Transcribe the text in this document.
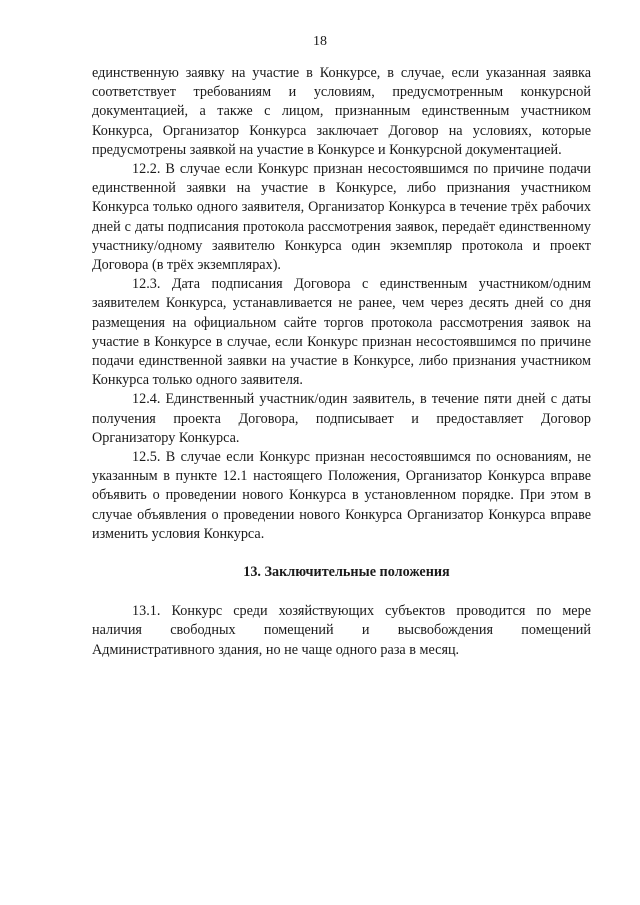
18

единственную заявку на участие в Конкурсе, в случае, если указанная заявка соответствует требованиям и условиям, предусмотренным конкурсной документацией, а также с лицом, признанным единственным участником Конкурса, Организатор Конкурса заключает Договор на условиях, которые предусмотрены заявкой на участие в Конкурсе и Конкурсной документацией.

12.2. В случае если Конкурс признан несостоявшимся по причине подачи единственной заявки на участие в Конкурсе, либо признания участником Конкурса только одного заявителя, Организатор Конкурса в течение трёх рабочих дней с даты подписания протокола рассмотрения заявок, передаёт единственному участнику/одному заявителю Конкурса один экземпляр протокола и проект Договора (в трёх экземплярах).

12.3. Дата подписания Договора с единственным участником/одним заявителем Конкурса, устанавливается не ранее, чем через десять дней со дня размещения на официальном сайте торгов протокола рассмотрения заявок на участие в Конкурсе в случае, если Конкурс признан несостоявшимся по причине подачи единственной заявки на участие в Конкурсе, либо признания участником Конкурса только одного заявителя.

12.4. Единственный участник/один заявитель, в течение пяти дней с даты получения проекта Договора, подписывает и предоставляет Договор Организатору Конкурса.

12.5. В случае если Конкурс признан несостоявшимся по основаниям, не указанным в пункте 12.1 настоящего Положения, Организатор Конкурса вправе объявить о проведении нового Конкурса в установленном порядке. При этом в случае объявления о проведении нового Конкурса Организатор Конкурса вправе изменить условия Конкурса.

13. Заключительные положения

13.1. Конкурс среди хозяйствующих субъектов проводится по мере наличия свободных помещений и высвобождения помещений Административного здания, но не чаще одного раза в месяц.
